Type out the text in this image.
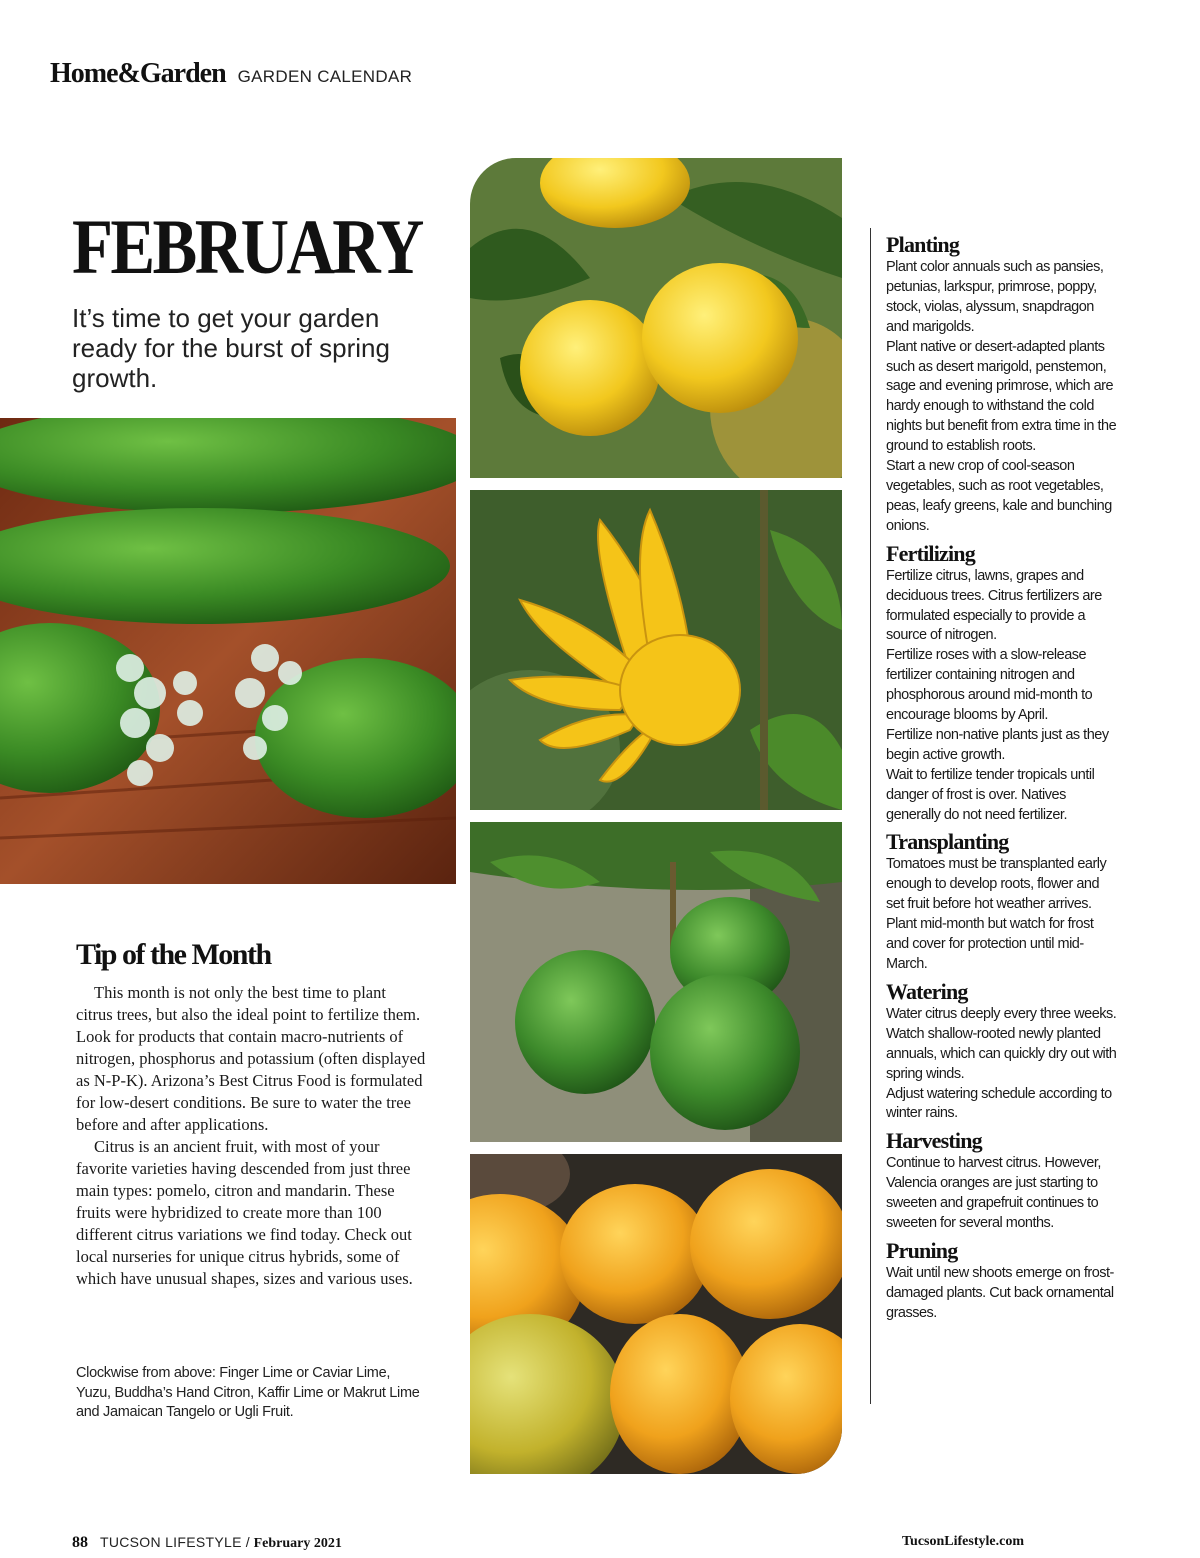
Home&Garden GARDEN CALENDAR
FEBRUARY
It’s time to get your garden ready for the burst of spring growth.
Tip of the Month

This month is not only the best time to plant citrus trees, but also the ideal point to fertilize them. Look for products that contain macro-nutrients of nitrogen, phosphorus and potassium (often displayed as N-P-K). Arizona’s Best Citrus Food is formulated for low-desert conditions. Be sure to water the tree before and after applications.

Citrus is an ancient fruit, with most of your favorite varieties having descended from just three main types: pomelo, citron and mandarin. These fruits were hybridized to create more than 100 different citrus variations we find today. Check out local nurseries for unique citrus hybrids, some of which have unusual shapes, sizes and various uses.

Clockwise from above: Finger Lime or Caviar Lime, Yuzu, Buddha’s Hand Citron, Kaffir Lime or Makrut Lime and Jamaican Tangelo or Ugli Fruit.
Planting

Plant color annuals such as pansies, petunias, larkspur, primrose, poppy, stock, violas, alyssum, snapdragon and marigolds.

Plant native or desert-adapted plants such as desert marigold, penstemon, sage and evening primrose, which are hardy enough to withstand the cold nights but benefit from extra time in the ground to establish roots.

Start a new crop of cool-season vegetables, such as root vegetables, peas, leafy greens, kale and bunching onions.

Fertilizing

Fertilize citrus, lawns, grapes and deciduous trees. Citrus fertilizers are formulated especially to provide a source of nitrogen.

Fertilize roses with a slow-release fertilizer containing nitrogen and phosphorous around mid-month to encourage blooms by April.

Fertilize non-native plants just as they begin active growth.

Wait to fertilize tender tropicals until danger of frost is over. Natives generally do not need fertilizer.

Transplanting

Tomatoes must be transplanted early enough to develop roots, flower and set fruit before hot weather arrives.

Plant mid-month but watch for frost and cover for protection until mid-March.

Watering

Water citrus deeply every three weeks.

Watch shallow-rooted newly planted annuals, which can quickly dry out with spring winds.

Adjust watering schedule according to winter rains.

Harvesting

Continue to harvest citrus. However, Valencia oranges are just starting to sweeten and grapefruit continues to sweeten for several months.

Pruning

Wait until new shoots emerge on frost-damaged plants. Cut back ornamental grasses.

88 TUCSON LIFESTYLE / February 2021	TucsonLifestyle.com
